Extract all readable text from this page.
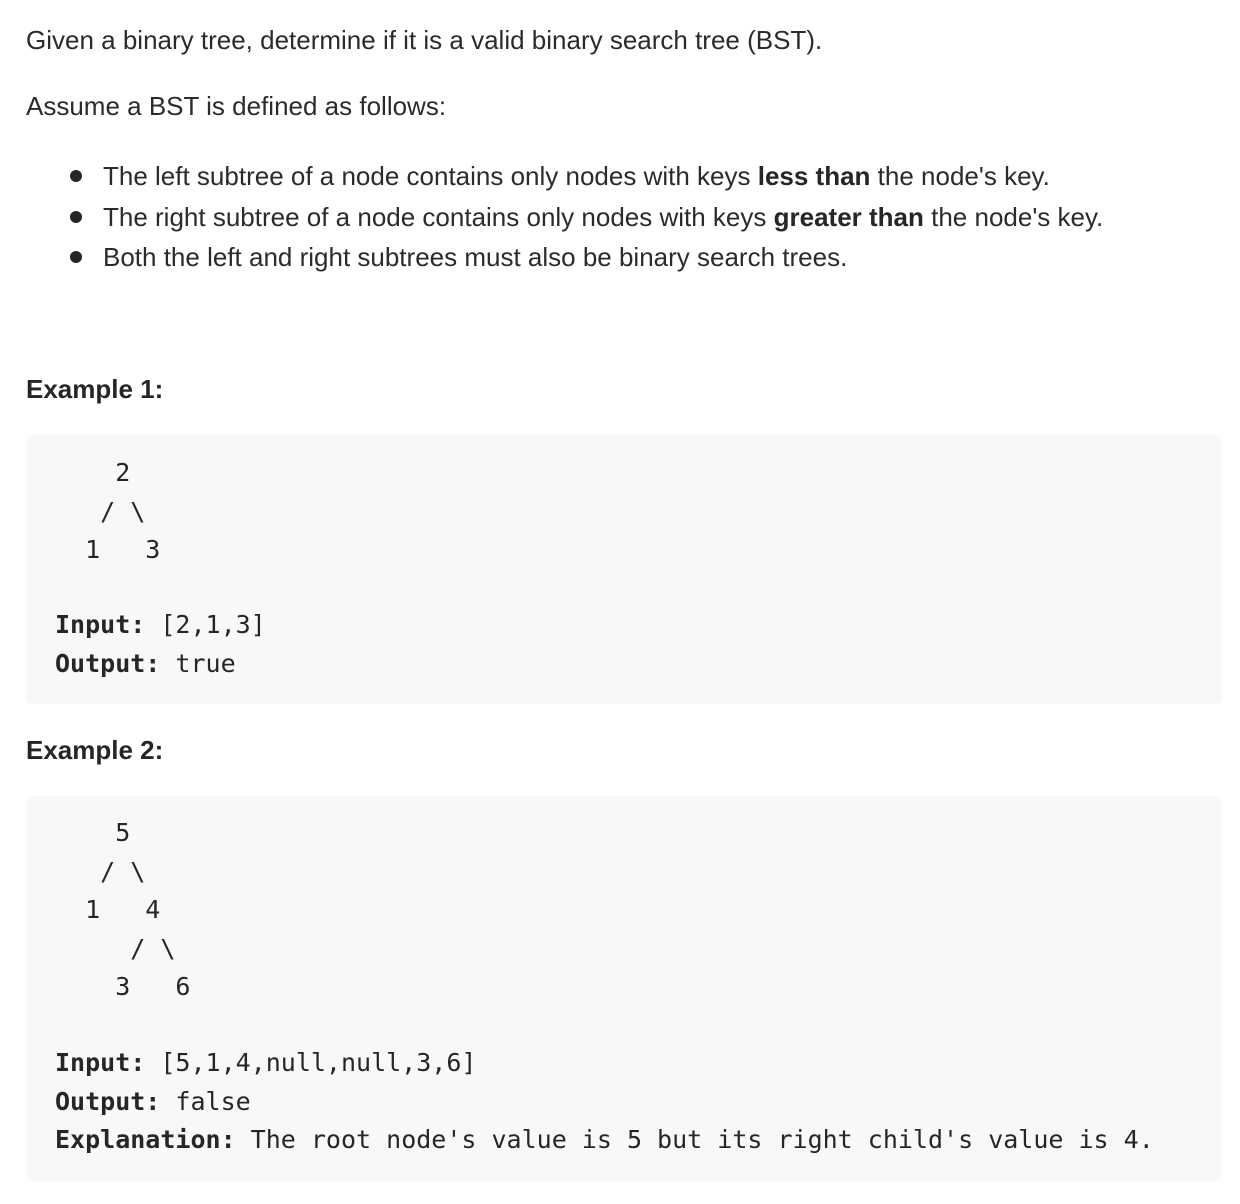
Given a binary tree, determine if it is a valid binary search tree (BST).
Assume a BST is defined as follows:
The left subtree of a node contains only nodes with keys less than the node's key.
The right subtree of a node contains only nodes with keys greater than the node's key.
Both the left and right subtrees must also be binary search trees.
Example 1:
2
/ \
1   3
Input: [2,1,3]
Output: true
Example 2:
5
/ \
1   4
/ \
3   6
Input: [5,1,4,null,null,3,6]
Output: false
Explanation: The root node's value is 5 but its right child's value is 4.
